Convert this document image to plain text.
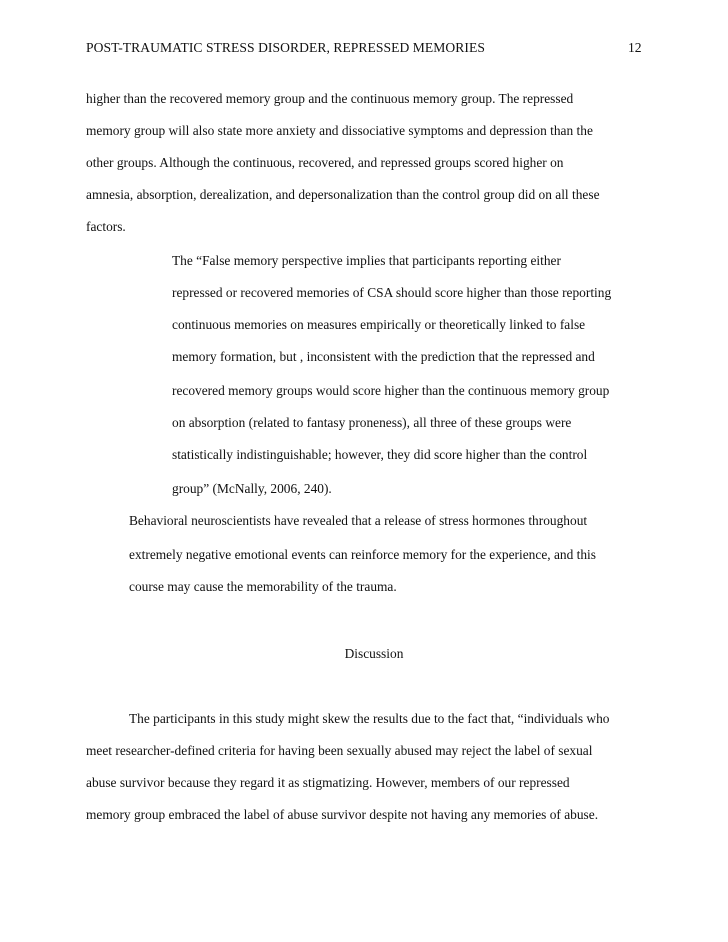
POST-TRAUMATIC STRESS DISORDER, REPRESSED MEMORIES	12
higher than the recovered memory group and the continuous memory group. The repressed
memory group will also state more anxiety and dissociative symptoms and depression than the
other groups. Although the continuous, recovered, and repressed groups scored higher on
amnesia, absorption, derealization, and depersonalization than the control group did on all these
factors.
The “False memory perspective implies that participants reporting either
repressed or recovered memories of CSA should score higher than those reporting
continuous memories on measures empirically or theoretically linked to false
memory formation, but , inconsistent with the prediction that the repressed and
recovered memory groups would score higher than the continuous memory group
on absorption (related to fantasy proneness), all three of these groups were
statistically indistinguishable; however, they did score higher than the control
group” (McNally, 2006, 240).
Behavioral neuroscientists have revealed that a release of stress hormones throughout
extremely negative emotional events can reinforce memory for the experience, and this
course may cause the memorability of the trauma.
Discussion
The participants in this study might skew the results due to the fact that, “individuals who
meet researcher-defined criteria for having been sexually abused may reject the label of sexual
abuse survivor because they regard it as stigmatizing. However, members of our repressed
memory group embraced the label of abuse survivor despite not having any memories of abuse.
